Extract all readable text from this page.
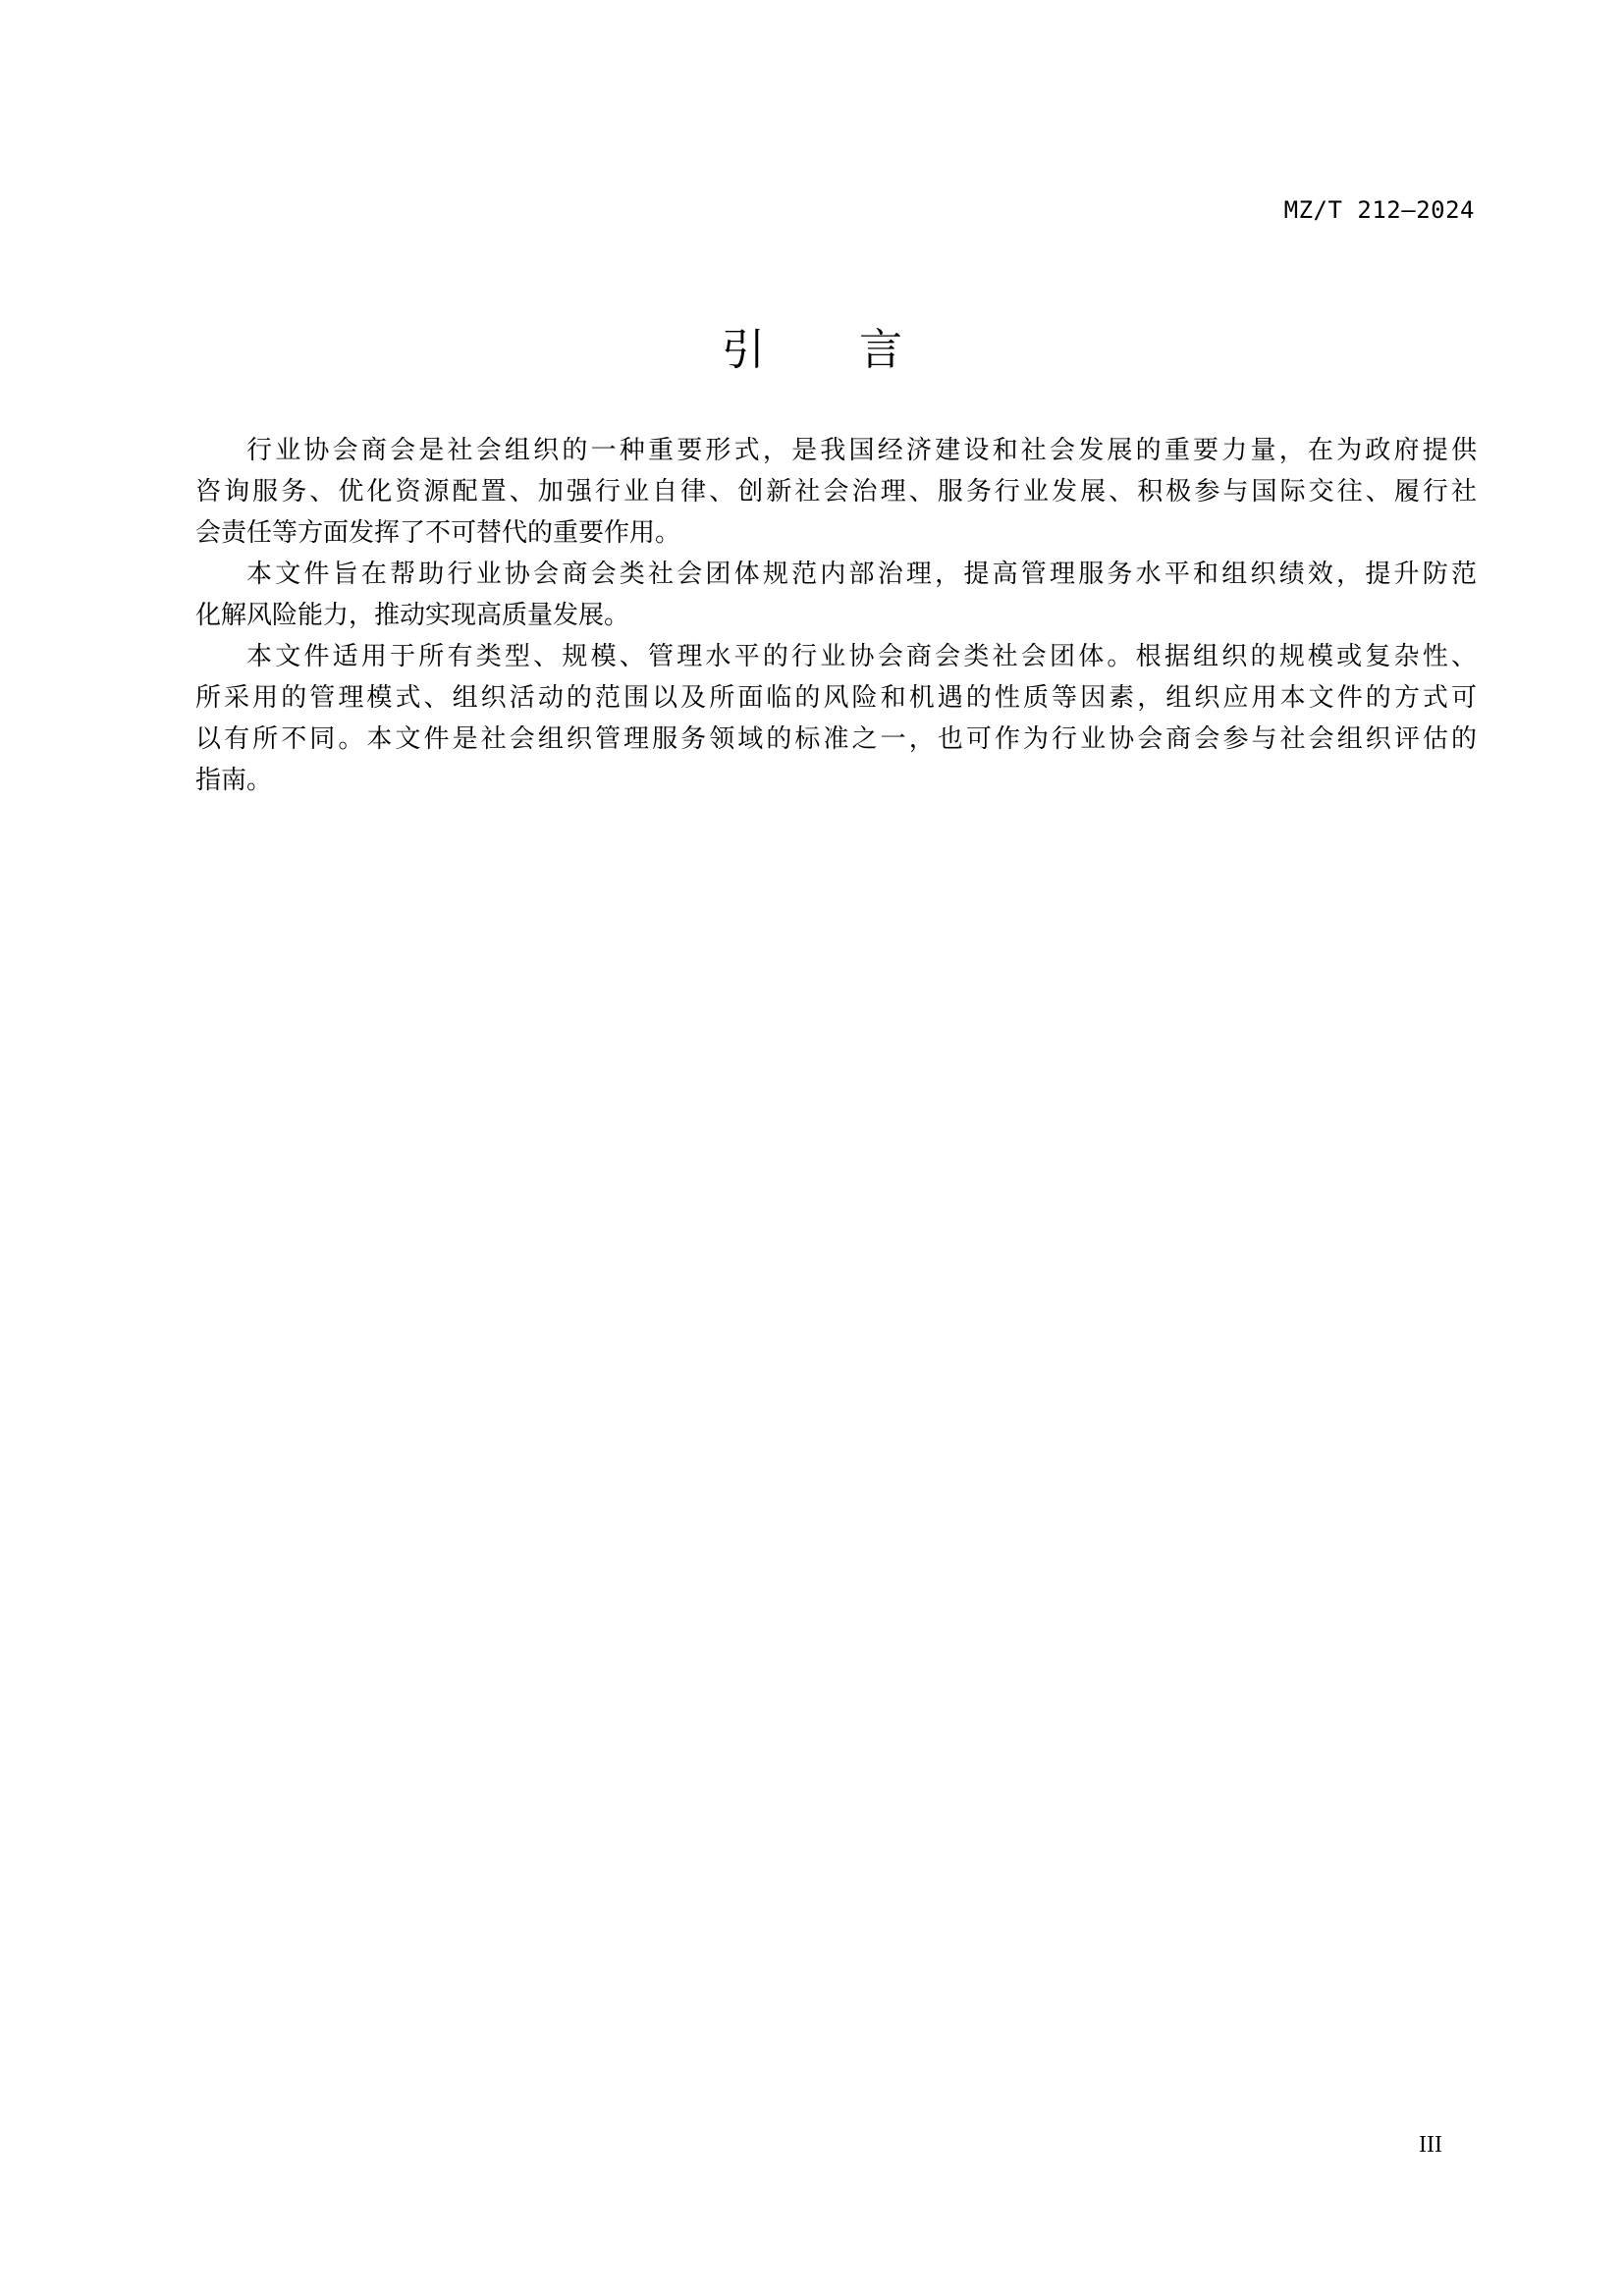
MZ/T 212—2024
引 言

行业协会商会是社会组织的一种重要形式，是我国经济建设和社会发展的重要力量，在为政府提供
咨询服务、优化资源配置、加强行业自律、创新社会治理、服务行业发展、积极参与国际交往、履行社
会责任等方面发挥了不可替代的重要作用。

本文件旨在帮助行业协会商会类社会团体规范内部治理，提高管理服务水平和组织绩效，提升防范
化解风险能力，推动实现高质量发展。

本文件适用于所有类型、规模、管理水平的行业协会商会类社会团体。根据组织的规模或复杂性、
所采用的管理模式、组织活动的范围以及所面临的风险和机遇的性质等因素，组织应用本文件的方式可
以有所不同。本文件是社会组织管理服务领域的标准之一，也可作为行业协会商会参与社会组织评估的
指南。

III
